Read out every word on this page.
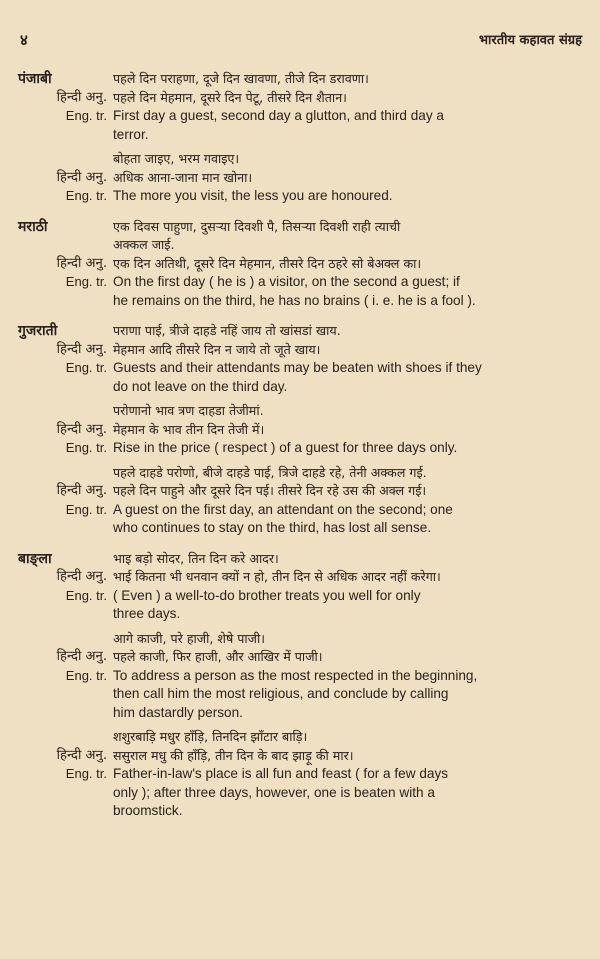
४	भारतीय कहावत संग्रह
पंजाबी	पहले दिन पराहणा, दूजे दिन खावणा, तीजे दिन डरावणा।
हिन्दी अनु. पहले दिन मेहमान, दूसरे दिन पेटू, तीसरे दिन शैतान।
Eng. tr. First day a guest, second day a glutton, and third day a
terror.
बोहता जाइए, भरम गवाइए।
हिन्दी अनु. अधिक आना-जाना मान खोना।
Eng. tr. The more you visit, the less you are honoured.
मराठी	एक दिवस पाहुणा, दुसऱ्या दिवशी पै, तिसऱ्या दिवशी राही त्याची
अक्कल जाई.
हिन्दी अनु. एक दिन अतिथी, दूसरे दिन मेहमान, तीसरे दिन ठहरे सो बेअक्ल का।
Eng. tr. On the first day ( he is ) a visitor, on the second a guest; if
he remains on the third, he has no brains ( i. e. he is a fool ).
गुजराती	पराणा पाई, त्रीजे दाहडे नहिं जाय तो खांसडां खाय.
हिन्दी अनु. मेहमान आदि तीसरे दिन न जाये तो जूते खाय।
Eng. tr. Guests and their attendants may be beaten with shoes if they
do not leave on the third day.
परोणानो भाव त्रण दाहडा तेजीमां.
हिन्दी अनु. मेहमान के भाव तीन दिन तेजी में।
Eng. tr. Rise in the price ( respect ) of a guest for three days only.
पहले दाहडे परोणो, बीजे दाहडे पाई, त्रिजे दाहडे रहे, तेनी अक्कल गई.
हिन्दी अनु. पहले दिन पाहुने और दूसरे दिन पई। तीसरे दिन रहे उस की अक्ल गई।
Eng. tr. A guest on the first day, an attendant on the second; one
who continues to stay on the third, has lost all sense.
बाङ्ला	भाइ बड़ो सोदर, तिन दिन करे आदर।
हिन्दी अनु. भाई कितना भी धनवान क्यों न हो, तीन दिन से अधिक आदर नहीं करेगा।
Eng. tr. ( Even ) a well-to-do brother treats you well for only
three days.
आगे काजी, परे हाजी, शेषे पाजी।
हिन्दी अनु. पहले काजी, फिर हाजी, और आखिर में पाजी।
Eng. tr. To address a person as the most respected in the beginning,
then call him the most religious, and conclude by calling
him dastardly person.
शशुरबाड़ि मधुर हाँड़ि, तिनदिन झाँटार बाड़ि।
हिन्दी अनु. ससुराल मधु की हाँड़ि, तीन दिन के बाद झाड़ू की मार।
Eng. tr. Father-in-law's place is all fun and feast ( for a few days
only ); after three days, however, one is beaten with a
broomstick.
